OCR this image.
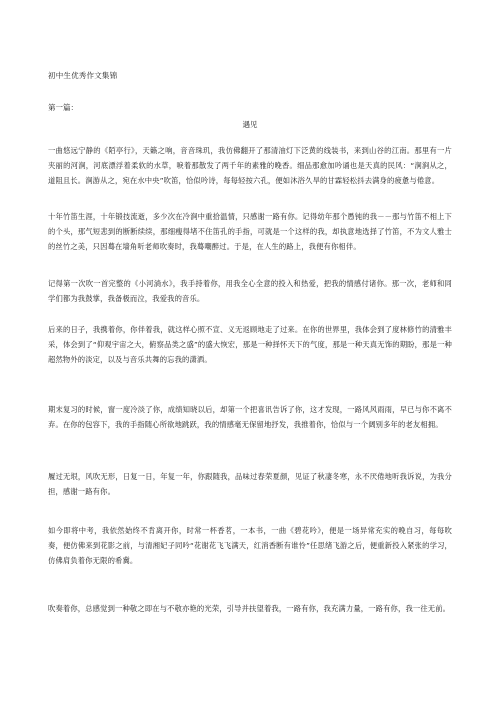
初中生优秀作文集锦
第一篇：
遇见

一曲悠远宁静的《陌亭行》，天籁之响，音音珠玑，我仿佛翻开了那清油灯下泛黄的线装书，来到山谷的江南。那里有一片夹丽的河涧，河底漂浮着柔软的水草，唳着那散发了两千年的素雅的晚香。细品那愈加吟诵也是天真的民风：“涧涧从之，道阻且长。涧游从之，宛在水中央”吹笛，恰似吟诗，每每轻按六孔，便如沐浴久旱的甘霖轻松抖去满身的疲惫与倦意。

十年竹笛生涯，十年锻技流逝，多少次在冷涧中重拾温情，只感谢一路有你。记得幼年那个愚钝的我－－那与竹笛不相上下的个头，那气短悲到的断断续续，那细瘦得堵不住笛孔的手指，可就是一个这样的我，却执意地选择了竹笛，不为文人雅士的丝竹之美，只因蓦在墙角听老师吹奏时，我蓦嘲醉过。于是，在人生的路上，我便有你相伴。

记得第一次吹一首完整的《小河淌水》，我手持着你，用我全心全意的投入和热爱，把我的情感付诸你。那一次，老师和同学们都为我鼓掌，我备极而泣，我爱我的音乐。

后来的日子，我携着你，你伴着我，就这样心照不宣、义无返顾地走了过来。在你的世界里，我体会到了度林修竹的清雅丰采，体会到了“仰观宇宙之大，俯察品类之盛”的盛大恢宏，那是一种择怀天下的气度，那是一种天真无饰的期盼，那是一种超然物外的淡定，以及与音乐共舞的忘我的潇洒。

期末复习的时候，窗一度冷淡了你，成绩知晓以后，却第一个把喜讯告诉了你，这才发现，一路风风雨雨，早已与你不离不弃。在你的包容下，我的手指随心所欲地跳跃，我的情感毫无保留地抒发，我推着你，恰似与一个阔别多年的老友相拥。

履过无垠，风吹无形，日复一日，年复一年，你跟随我，品味过春荣夏颜，见证了秋凄冬寒，永不厌倦地听我诉说，为我分担，感谢一路有你。

如今即将中考，我依然始终不肯离开你，时常一杯香茗，一本书，一曲《碧花吟》，便是一场异常充实的晚自习，每每吹奏，便仿佛来到花影之前，与清湘妃子同吟“花谢花飞飞满天，红消香断有谁怜”任思绪飞游之后，便重新投入紧张的学习，仿佛肩负着你无限的希冀。

吹奏着你，总感觉到一种敬之即在与不敬亦艳的光荣，引导并扶望着我，一路有你，我充满力量，一路有你，我一往无前。
